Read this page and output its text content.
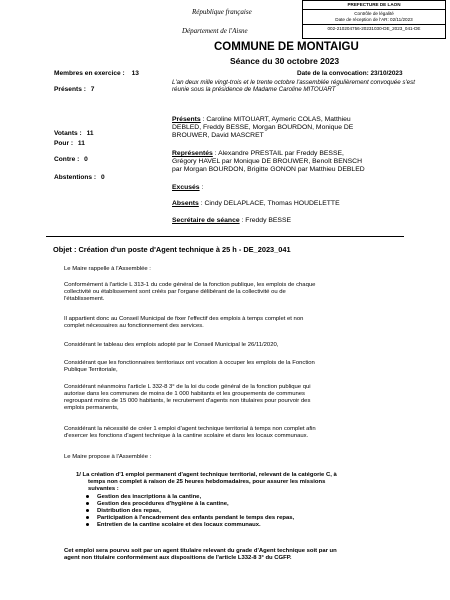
République française
Département de l'Aisne
PREFECTURE DE LAON
Contrôle de légalité
Date de réception de l'AR: 02/11/2023
002-210204756-20231030-DE_2023_041-DE
COMMUNE DE MONTAIGU
Séance du 30 octobre 2023
Membres en exercice : 13
Présents : 7
Votants : 11
Pour : 11
Contre : 0
Abstentions : 0
Date de la convocation: 23/10/2023
L'an deux mille vingt-trois et le trente octobre l'assemblée régulièrement convoquée s'est réunie sous la présidence de Madame Caroline MITOUART
Présents : Caroline MITOUART, Aymeric COLAS, Matthieu
DEBLED, Freddy BESSE, Morgan BOURDON, Monique DE
BROUWER, David MASCRET
Représentés : Alexandre PRESTAIL par Freddy BESSE,
Grégory HAVEL par Monique DE BROUWER, Benoît BENSCH
par Morgan BOURDON, Brigitte GONON par Matthieu DEBLED
Excusés :
Absents : Cindy DELAPLACE, Thomas HOUDELETTE
Secrétaire de séance : Freddy BESSE
Objet : Création d'un poste d'Agent technique à 25 h - DE_2023_041
Le Maire rappelle à l'Assemblée :
Conformément à l'article L 313-1 du code général de la fonction publique, les emplois de chaque
collectivité ou établissement sont créés par l'organe délibérant de la collectivité ou de
l'établissement.
Il appartient donc au Conseil Municipal de fixer l'effectif des emplois à temps complet et non
complet nécessaires au fonctionnement des services.
Considérant le tableau des emplois adopté par le Conseil Municipal le 26/11/2020,
Considérant que les fonctionnaires territoriaux ont vocation à occuper les emplois de la Fonction
Publique Territoriale,
Considérant néanmoins l'article L 332-8 3° de la loi du code général de la fonction publique qui
autorise dans les communes de moins de 1 000 habitants et les groupements de communes
regroupant moins de 15 000 habitants, le recrutement d'agents non titulaires pour pourvoir des
emplois permanents,
Considérant la nécessité de créer 1 emploi d'agent technique territorial à temps non complet afin
d'exercer les fonctions d'agent technique à la cantine scolaire et dans les locaux communaux.
Le Maire propose à l'Assemblée :
1/ La création d'1 emploi permanent d'agent technique territorial, relevant de la catégorie C, à
temps non complet à raison de 25 heures hebdomadaires, pour assurer les missions
suivantes :
Gestion des inscriptions à la cantine,
Gestion des procédures d'hygiène à la cantine,
Distribution des repas,
Participation à l'encadrement des enfants pendant le temps des repas,
Entretien de la cantine scolaire et des locaux communaux.
Cet emploi sera pourvu soit par un agent titulaire relevant du grade d'Agent technique soit par un
agent non titulaire conformément aux dispositions de l'article L332-8 3° du CGFP.
